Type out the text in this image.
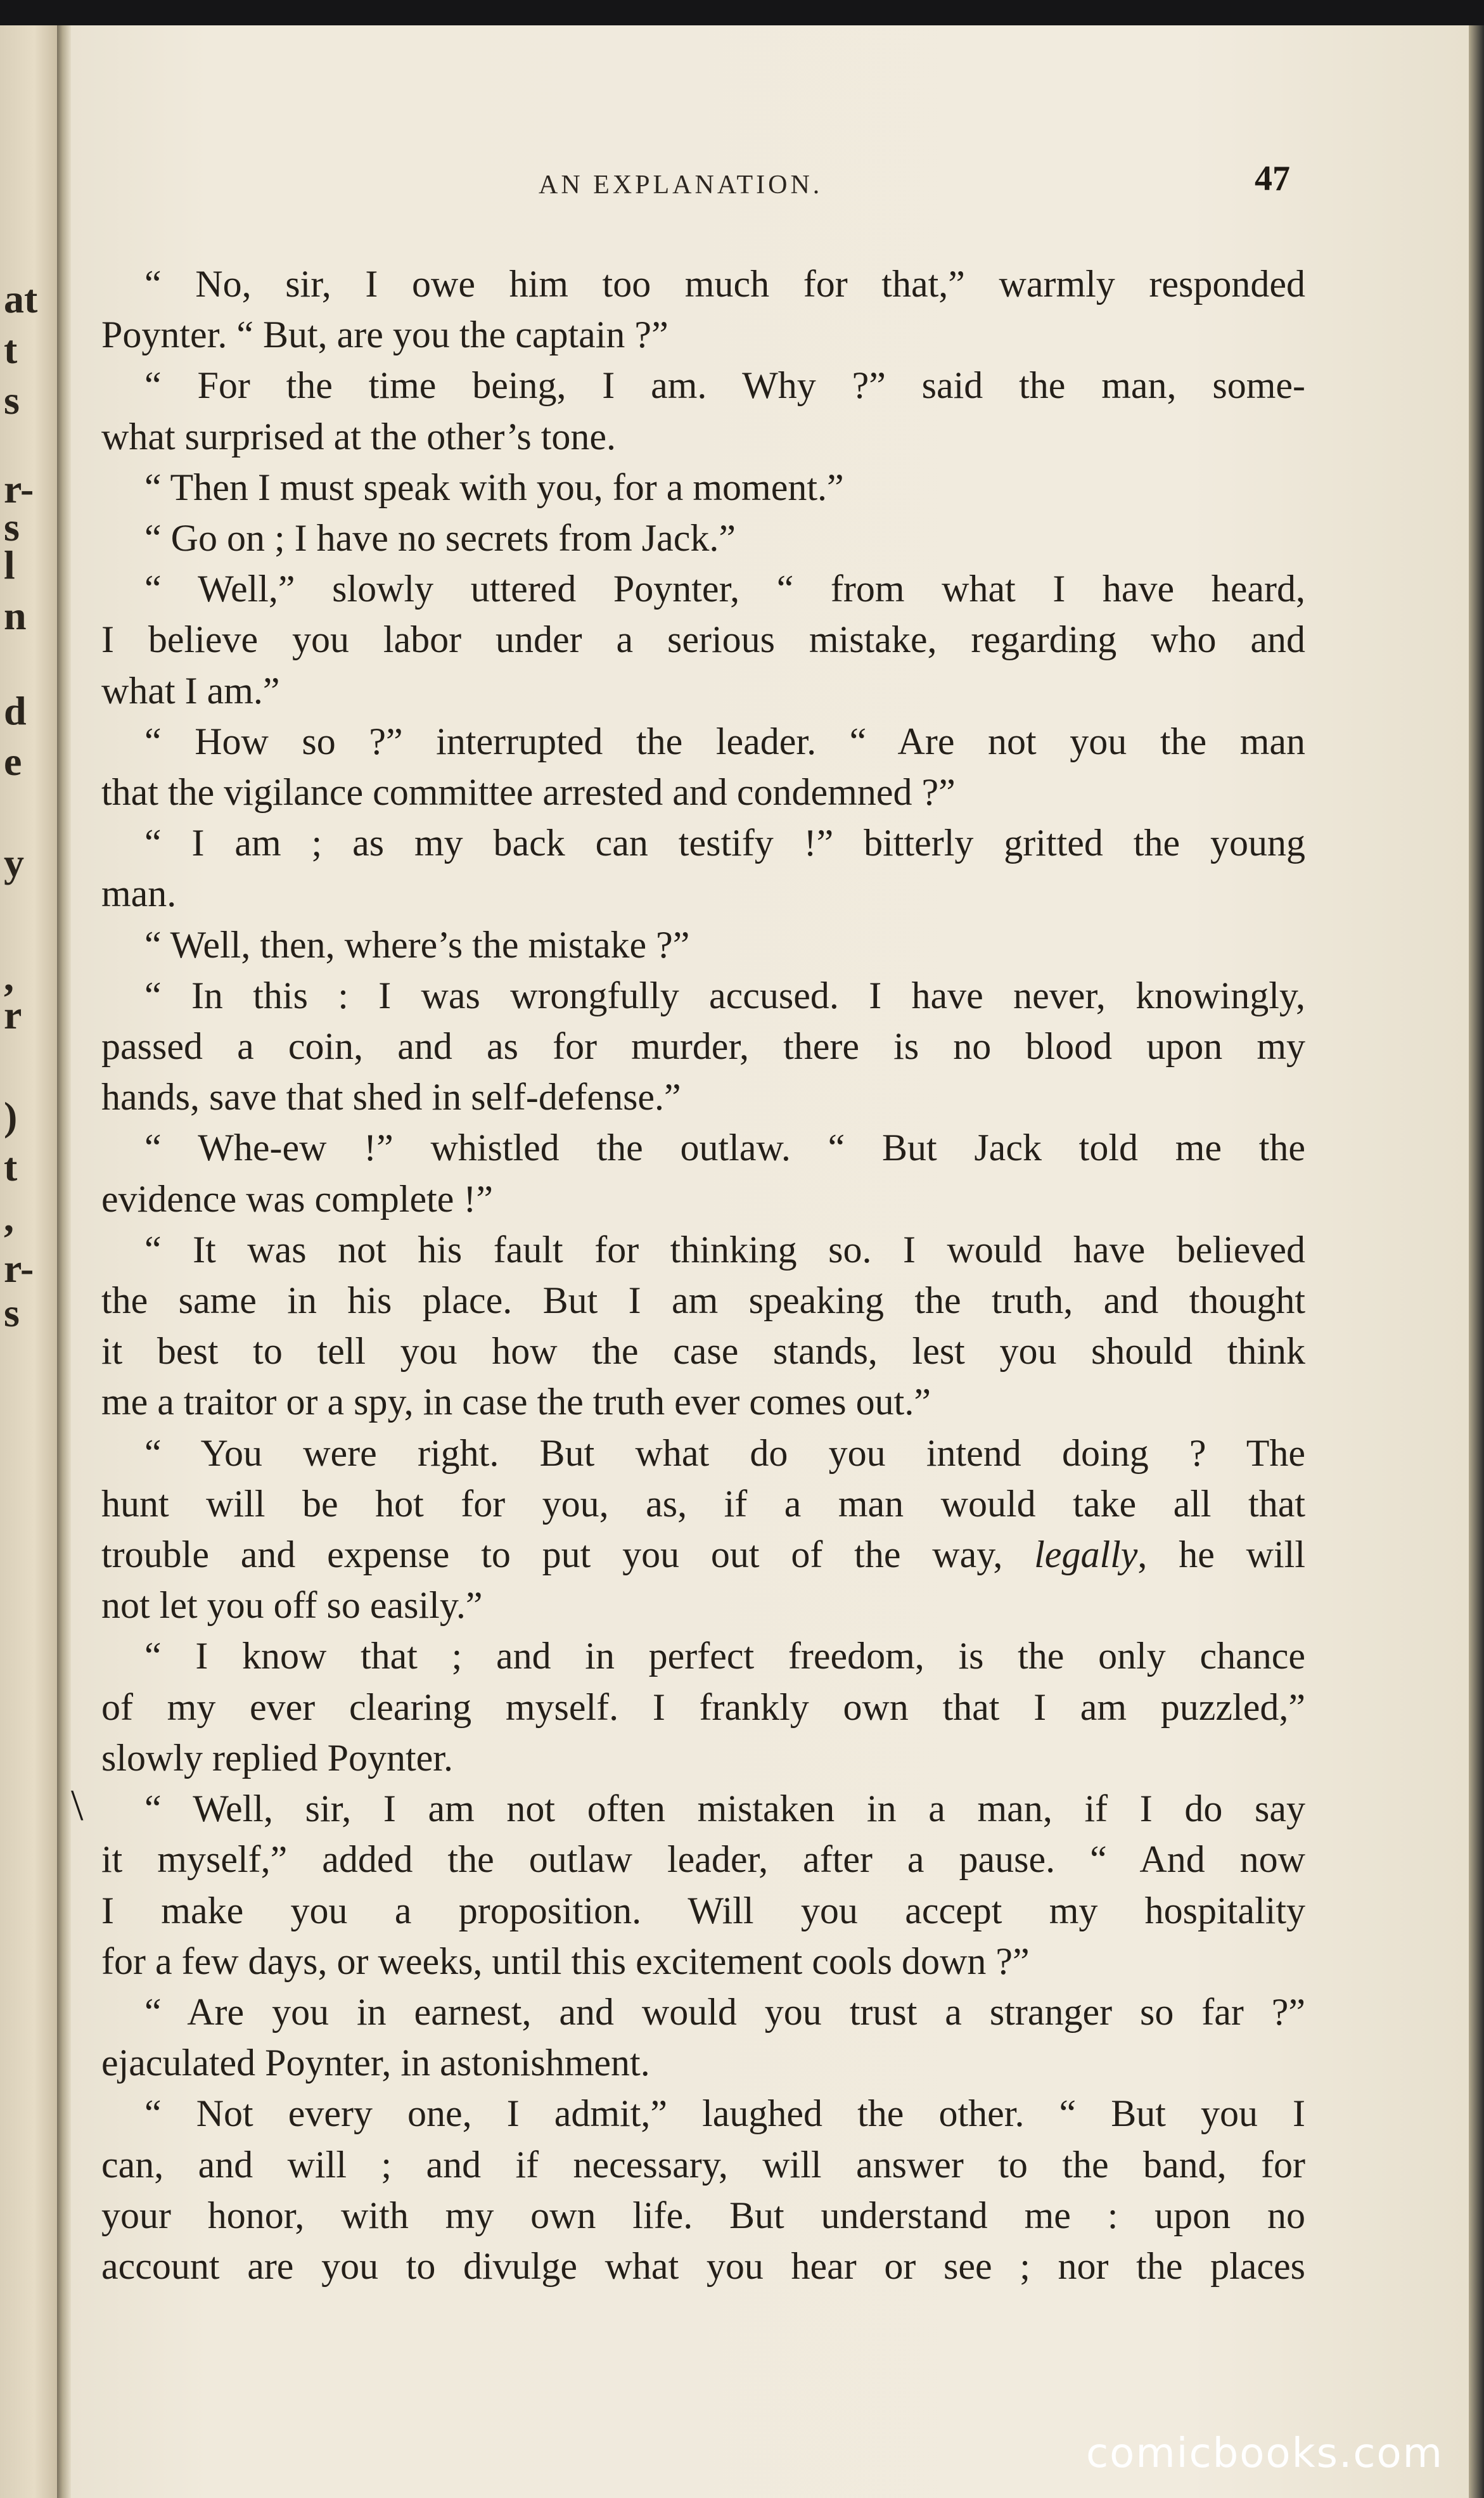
at
t
s
r-
s
l
n
d
e
y
,
r
)
t
,
r-
s
AN EXPLANATION.	47
\

“ No, sir, I owe him too much for that,” warmly responded

Poynter. “ But, are you the captain ?”

“ For the time being, I am. Why ?” said the man, some-

what surprised at the other’s tone.

“ Then I must speak with you, for a moment.”

“ Go on ; I have no secrets from Jack.”

“ Well,” slowly uttered Poynter, “ from what I have heard,

I believe you labor under a serious mistake, regarding who and

what I am.”

“ How so ?” interrupted the leader. “ Are not you the man

that the vigilance committee arrested and condemned ?”

“ I am ; as my back can testify !” bitterly gritted the young

man.

“ Well, then, where’s the mistake ?”

“ In this : I was wrongfully accused. I have never, knowingly,

passed a coin, and as for murder, there is no blood upon my

hands, save that shed in self-defense.”

“ Whe-ew !” whistled the outlaw. “ But Jack told me the

evidence was complete !”

“ It was not his fault for thinking so. I would have believed

the same in his place. But I am speaking the truth, and thought

it best to tell you how the case stands, lest you should think

me a traitor or a spy, in case the truth ever comes out.”

“ You were right. But what do you intend doing ? The

hunt will be hot for you, as, if a man would take all that

trouble and expense to put you out of the way, legally, he will

not let you off so easily.”

“ I know that ; and in perfect freedom, is the only chance

of my ever clearing myself. I frankly own that I am puzzled,”

slowly replied Poynter.

“ Well, sir, I am not often mistaken in a man, if I do say

it myself,” added the outlaw leader, after a pause. “ And now

I make you a proposition. Will you accept my hospitality

for a few days, or weeks, until this excitement cools down ?”

“ Are you in earnest, and would you trust a stranger so far ?”

ejaculated Poynter, in astonishment.

“ Not every one, I admit,” laughed the other. “ But you I

can, and will ; and if necessary, will answer to the band, for

your honor, with my own life. But understand me : upon no

account are you to divulge what you hear or see ; nor the places

comicbooks.com
